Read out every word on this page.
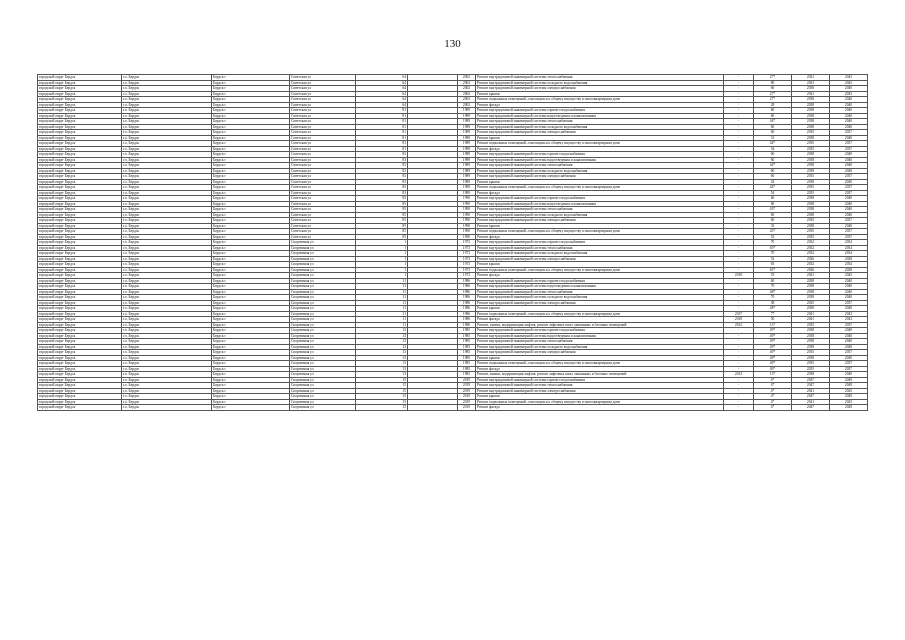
130
городской округ Бердск	г.о. Бердск	Бердск г	Советская ул	64		2002	Ремонт внутридомовой инженерной системы теплоснабжения	-	27*	2041	2043
городской округ Бердск	г.о. Бердск	Бердск г	Советская ул	64		2002	Ремонт внутридомовой инженерной системы холодного водоснабжения	-	80	2041	2043
городской округ Бердск	г.о. Бердск	Бердск г	Советская ул	64		2002	Ремонт внутридомовой инженерной системы электроснабжения	-	60	2038	2040
городской округ Бердск	г.о. Бердск	Бердск г	Советская ул	64		2002	Ремонт крыши	-	27*	2041	2043
городской округ Бердск	г.о. Бердск	Бердск г	Советская ул	64		2002	Ремонт подвальных помещений, относящихся к общему имуществу в многоквартирном доме	-	27*	2038	2040
городской округ Бердск	г.о. Бердск	Бердск г	Советская ул	64		2002	Ремонт фасада	-	28	2038	2040
городской округ Бердск	г.о. Бердск	Бердск г	Советская ул	81		1989	Ремонт внутридомовой инженерной системы горячего водоснабжения	-	60	2038	2040
городской округ Бердск	г.о. Бердск	Бердск г	Советская ул	81		1989	Ремонт внутридомовой инженерной системы водоотведения и канализования	-	60	2038	2040
городской округ Бердск	г.о. Бердск	Бердск г	Советская ул	81		1989	Ремонт внутридомовой инженерной системы теплоснабжения	-	44*	2038	2040
городской округ Бердск	г.о. Бердск	Бердск г	Советская ул	81		1989	Ремонт внутридомовой инженерной системы холодного водоснабжения	-	60	2038	2040
городской округ Бердск	г.о. Бердск	Бердск г	Советская ул	81		1989	Ремонт внутридомовой инженерной системы электроснабжения	-	60	2035	2037
городской округ Бердск	г.о. Бердск	Бердск г	Советская ул	81		1989	Ремонт крыши	-	31	2038	2040
городской округ Бердск	г.о. Бердск	Бердск г	Советская ул	81		1989	Ремонт подвальных помещений, относящихся к общему имуществу в многоквартирном доме	-	44*	2035	2037
городской округ Бердск	г.о. Бердск	Бердск г	Советская ул	81		1989	Ремонт фасада	-	54	2035	2037
городской округ Бердск	г.о. Бердск	Бердск г	Советская ул	83		1989	Ремонт внутридомовой инженерной системы горячего водоснабжения	-	60	2038	2040
городской округ Бердск	г.о. Бердск	Бердск г	Советская ул	83		1989	Ремонт внутридомовой инженерной системы водоотведения и канализования	-	60	2038	2040
городской округ Бердск	г.о. Бердск	Бердск г	Советская ул	83		1989	Ремонт внутридомовой инженерной системы теплоснабжения	-	44*	2038	2040
городской округ Бердск	г.о. Бердск	Бердск г	Советская ул	83		1989	Ремонт внутридомовой инженерной системы холодного водоснабжения	-	60	2038	2040
городской округ Бердск	г.о. Бердск	Бердск г	Советская ул	83		1989	Ремонт внутридомовой инженерной системы электроснабжения	-	60	2035	2037
городской округ Бердск	г.о. Бердск	Бердск г	Советская ул	83		1989	Ремонт крыши	-	34	2038	2040
городской округ Бердск	г.о. Бердск	Бердск г	Советская ул	83		1989	Ремонт подвальных помещений, относящихся к общему имуществу в многоквартирном доме	-	44*	2035	2037
городской округ Бердск	г.о. Бердск	Бердск г	Советская ул	83		1989	Ремонт фасада	-	54	2035	2037
городской округ Бердск	г.о. Бердск	Бердск г	Советская ул	85		1990	Ремонт внутридомовой инженерной системы горячего водоснабжения	-	60	2038	2040
городской округ Бердск	г.о. Бердск	Бердск г	Советская ул	85		1990	Ремонт внутридомовой инженерной системы водоотведения и канализования	-	60	2038	2040
городской округ Бердск	г.о. Бердск	Бердск г	Советская ул	85		1990	Ремонт внутридомовой инженерной системы теплоснабжения	-	43*	2038	2040
городской округ Бердск	г.о. Бердск	Бердск г	Советская ул	85		1990	Ремонт внутридомовой инженерной системы холодного водоснабжения	-	60	2038	2040
городской округ Бердск	г.о. Бердск	Бердск г	Советская ул	85		1990	Ремонт внутридомовой инженерной системы электроснабжения	-	60	2035	2037
городской округ Бердск	г.о. Бердск	Бердск г	Советская ул	85		1990	Ремонт крыши	-	33	2038	2040
городской округ Бердск	г.о. Бердск	Бердск г	Советская ул	85		1990	Ремонт подвальных помещений, относящихся к общему имуществу в многоквартирном доме	-	43*	2035	2037
городской округ Бердск	г.о. Бердск	Бердск г	Советская ул	85		1990	Ремонт фасада	-	52	2035	2037
городской округ Бердск	г.о. Бердск	Бердск г	Спортивная ул	1		1973	Ремонт внутридомовой инженерной системы горячего водоснабжения	-	70	2032	2034
городской округ Бердск	г.о. Бердск	Бердск г	Спортивная ул	1		1973	Ремонт внутридомовой инженерной системы теплоснабжения	-	65*	2032	2034
городской округ Бердск	г.о. Бердск	Бердск г	Спортивная ул	1		1973	Ремонт внутридомовой инженерной системы холодного водоснабжения	-	70	2032	2034
городской округ Бердск	г.о. Бердск	Бердск г	Спортивная ул	1		1973	Ремонт внутридомовой инженерной системы электроснабжения	-	52	2026	2028
городской округ Бердск	г.о. Бердск	Бердск г	Спортивная ул	1		1973	Ремонт крыши	-	65	2032	2034
городской округ Бердск	г.о. Бердск	Бердск г	Спортивная ул	1		1973	Ремонт подвальных помещений, относящихся к общему имуществу в многоквартирном доме	-	65*	2026	2028
городской округ Бердск	г.о. Бердск	Бердск г	Спортивная ул	1		1973	Ремонт фасада	2018	53	2041	2043
городской округ Бердск	г.о. Бердск	Бердск г	Спортивная ул	11		1986	Ремонт внутридомовой инженерной системы горячего водоснабжения	-	60	2038	2040
городской округ Бердск	г.о. Бердск	Бердск г	Спортивная ул	11		1986	Ремонт внутридомовой инженерной системы водоотведения и канализования	-	70	2038	2040
городской округ Бердск	г.о. Бердск	Бердск г	Спортивная ул	11		1986	Ремонт внутридомовой инженерной системы теплоснабжения	-	48*	2038	2040
городской округ Бердск	г.о. Бердск	Бердск г	Спортивная ул	11		1986	Ремонт внутридомовой инженерной системы холодного водоснабжения	-	70	2038	2040
городской округ Бердск	г.о. Бердск	Бердск г	Спортивная ул	11		1986	Ремонт внутридомовой инженерной системы электроснабжения	-	38	2035	2037
городской округ Бердск	г.о. Бердск	Бердск г	Спортивная ул	11		1986	Ремонт крыши	-	48*	2038	2040
городской округ Бердск	г.о. Бердск	Бердск г	Спортивная ул	11		1986	Ремонт подвальных помещений, относящихся к общему имуществу в многоквартирном доме	2017	7*	2041	2043
городской округ Бердск	г.о. Бердск	Бердск г	Спортивная ул	11		1986	Ремонт фасада	2018	50	2041	2043
городской округ Бердск	г.о. Бердск	Бердск г	Спортивная ул	11		1986	Ремонт, замена, модернизация лифтов, ремонт лифтовых шахт, машинных и блочных помещений	2012	13*	2035	2037
городской округ Бердск	г.о. Бердск	Бердск г	Спортивная ул	13		1985	Ремонт внутридомовой инженерной системы горячего водоснабжения	-	49*	2038	2040
городской округ Бердск	г.о. Бердск	Бердск г	Спортивная ул	13		1985	Ремонт внутридомовой инженерной системы водоотведения и канализования	-	49*	2038	2040
городской округ Бердск	г.о. Бердск	Бердск г	Спортивная ул	13		1985	Ремонт внутридомовой инженерной системы теплоснабжения	-	49*	2038	2040
городской округ Бердск	г.о. Бердск	Бердск г	Спортивная ул	13		1985	Ремонт внутридомовой инженерной системы холодного водоснабжения	-	49*	2038	2040
городской округ Бердск	г.о. Бердск	Бердск г	Спортивная ул	13		1985	Ремонт внутридомовой инженерной системы электроснабжения	-	49*	2035	2037
городской округ Бердск	г.о. Бердск	Бердск г	Спортивная ул	13		1985	Ремонт крыши	-	49*	2038	2040
городской округ Бердск	г.о. Бердск	Бердск г	Спортивная ул	13		1985	Ремонт подвальных помещений, относящихся к общему имуществу в многоквартирном доме	-	49*	2035	2037
городской округ Бердск	г.о. Бердск	Бердск г	Спортивная ул	13		1985	Ремонт фасада	-	49*	2035	2037
городской округ Бердск	г.о. Бердск	Бердск г	Спортивная ул	13		1985	Ремонт, замена, модернизация лифтов, ремонт лифтовых шахт, машинных и блочных помещений	2012	13*	2038	2040
городской округ Бердск	г.о. Бердск	Бердск г	Спортивная ул	15		2019	Ремонт внутридомовой инженерной системы горячего водоснабжения	-	4*	2047	2049
городской округ Бердск	г.о. Бердск	Бердск г	Спортивная ул	15		2019	Ремонт внутридомовой инженерной системы теплоснабжения	-	4*	2047	2049
городской округ Бердск	г.о. Бердск	Бердск г	Спортивная ул	15		2019	Ремонт внутридомовой инженерной системы электроснабжения	-	4*	2041	2043
городской округ Бердск	г.о. Бердск	Бердск г	Спортивная ул	15		2019	Ремонт крыши	-	4*	2047	2049
городской округ Бердск	г.о. Бердск	Бердск г	Спортивная ул	15		2019	Ремонт подвальных помещений, относящихся к общему имуществу в многоквартирном доме	-	4*	2041	2043
городской округ Бердск	г.о. Бердск	Бердск г	Спортивная ул	15		2019	Ремонт фасада	-	4*	2047	2049
